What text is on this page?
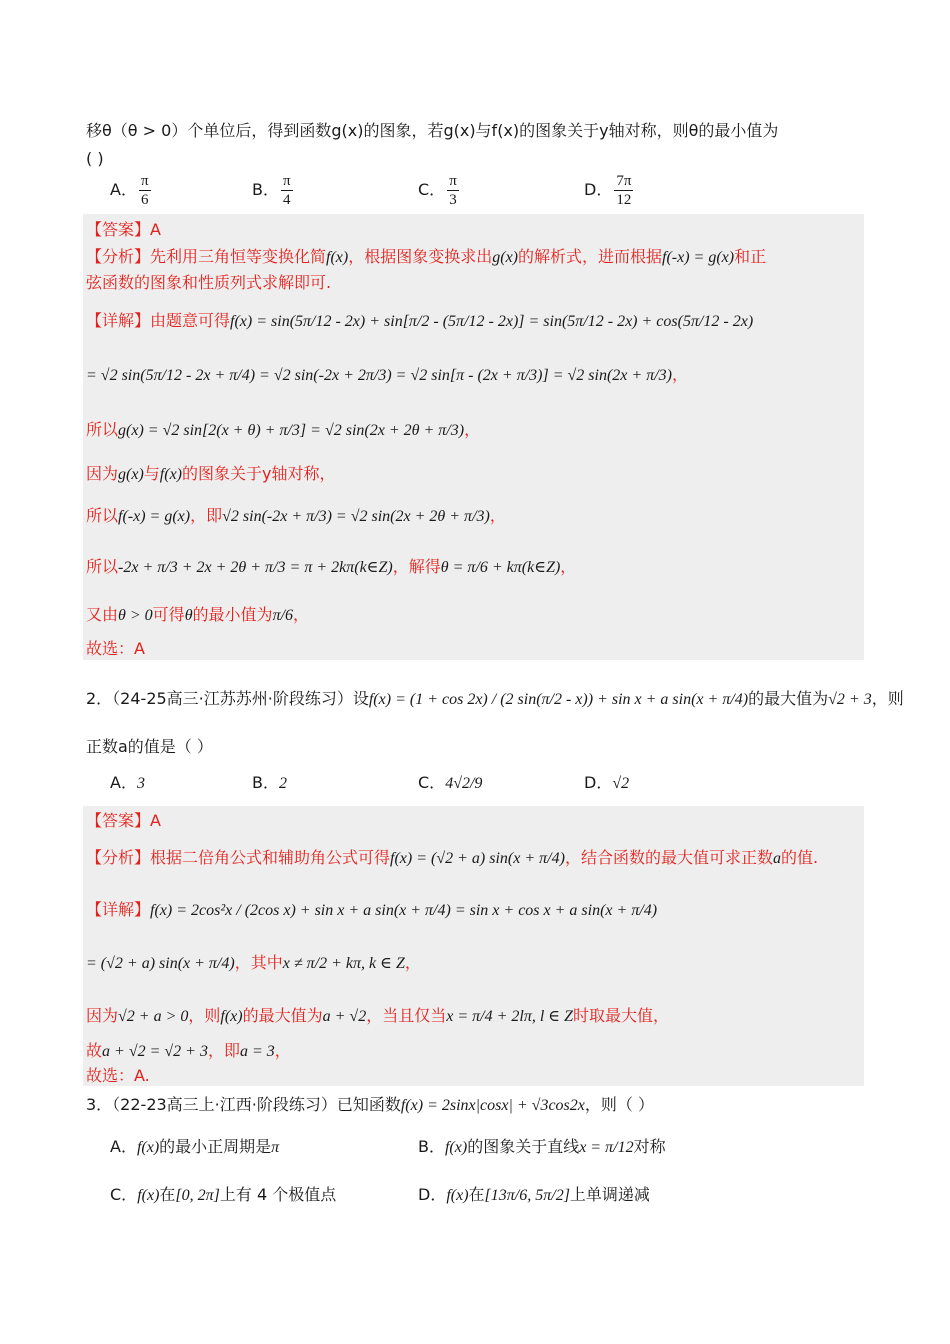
移θ（θ > 0）个单位后，得到函数g(x)的图象，若g(x)与f(x)的图象关于y轴对称，则θ的最小值为
( )
A． $\frac{\pi}{6}$	B． $\frac{\pi}{4}$	C． $\frac{\pi}{3}$	D． $\frac{7\pi}{12}$
【答案】A
【分析】先利用三角恒等变换化简f(x)，根据图象变换求出g(x)的解析式，进而根据f(-x) = g(x)和正
弦函数的图象和性质列式求解即可.
【详解】由题意可得f(x) = sin(5π/12 - 2x) + sin[π/2 - (5π/12 - 2x)] = sin(5π/12 - 2x) + cos(5π/12 - 2x)
= √2 sin(5π/12 - 2x + π/4) = √2 sin(-2x + 2π/3) = √2 sin[π - (2x + π/3)] = √2 sin(2x + π/3)，
所以g(x) = √2 sin[2(x + θ) + π/3] = √2 sin(2x + 2θ + π/3)，
因为g(x)与f(x)的图象关于y轴对称，
所以f(-x) = g(x)，即√2 sin(-2x + π/3) = √2 sin(2x + 2θ + π/3)，
所以-2x + π/3 + 2x + 2θ + π/3 = π + 2kπ(k∈Z)，解得θ = π/6 + kπ(k∈Z)，
又由θ > 0可得θ的最小值为π/6，
故选：A
2．（24-25高三·江苏苏州·阶段练习）设f(x) = (1 + cos 2x) / (2 sin(π/2 - x)) + sin x + a sin(x + π/4)的最大值为√2 + 3，则
正数a的值是（ ）
A．3	B．2	C．4√2/9	D．√2
【答案】A
【分析】根据二倍角公式和辅助角公式可得f(x) = (√2 + a) sin(x + π/4)，结合函数的最大值可求正数a的值.
【详解】f(x) = 2cos²x / (2cos x) + sin x + a sin(x + π/4) = sin x + cos x + a sin(x + π/4)
= (√2 + a) sin(x + π/4)，其中x ≠ π/2 + kπ, k ∈ Z，
因为√2 + a > 0，则f(x)的最大值为a + √2，当且仅当x = π/4 + 2lπ, l ∈ Z时取最大值，
故a + √2 = √2 + 3，即a = 3，
故选：A.
3．（22-23高三上·江西·阶段练习）已知函数f(x) = 2sinx|cosx| + √3cos2x，则（ ）
A．f(x)的最小正周期是π	B．f(x)的图象关于直线x = π/12对称
C．f(x)在[0, 2π]上有 4 个极值点	D．f(x)在[13π/6, 5π/2]上单调递减
